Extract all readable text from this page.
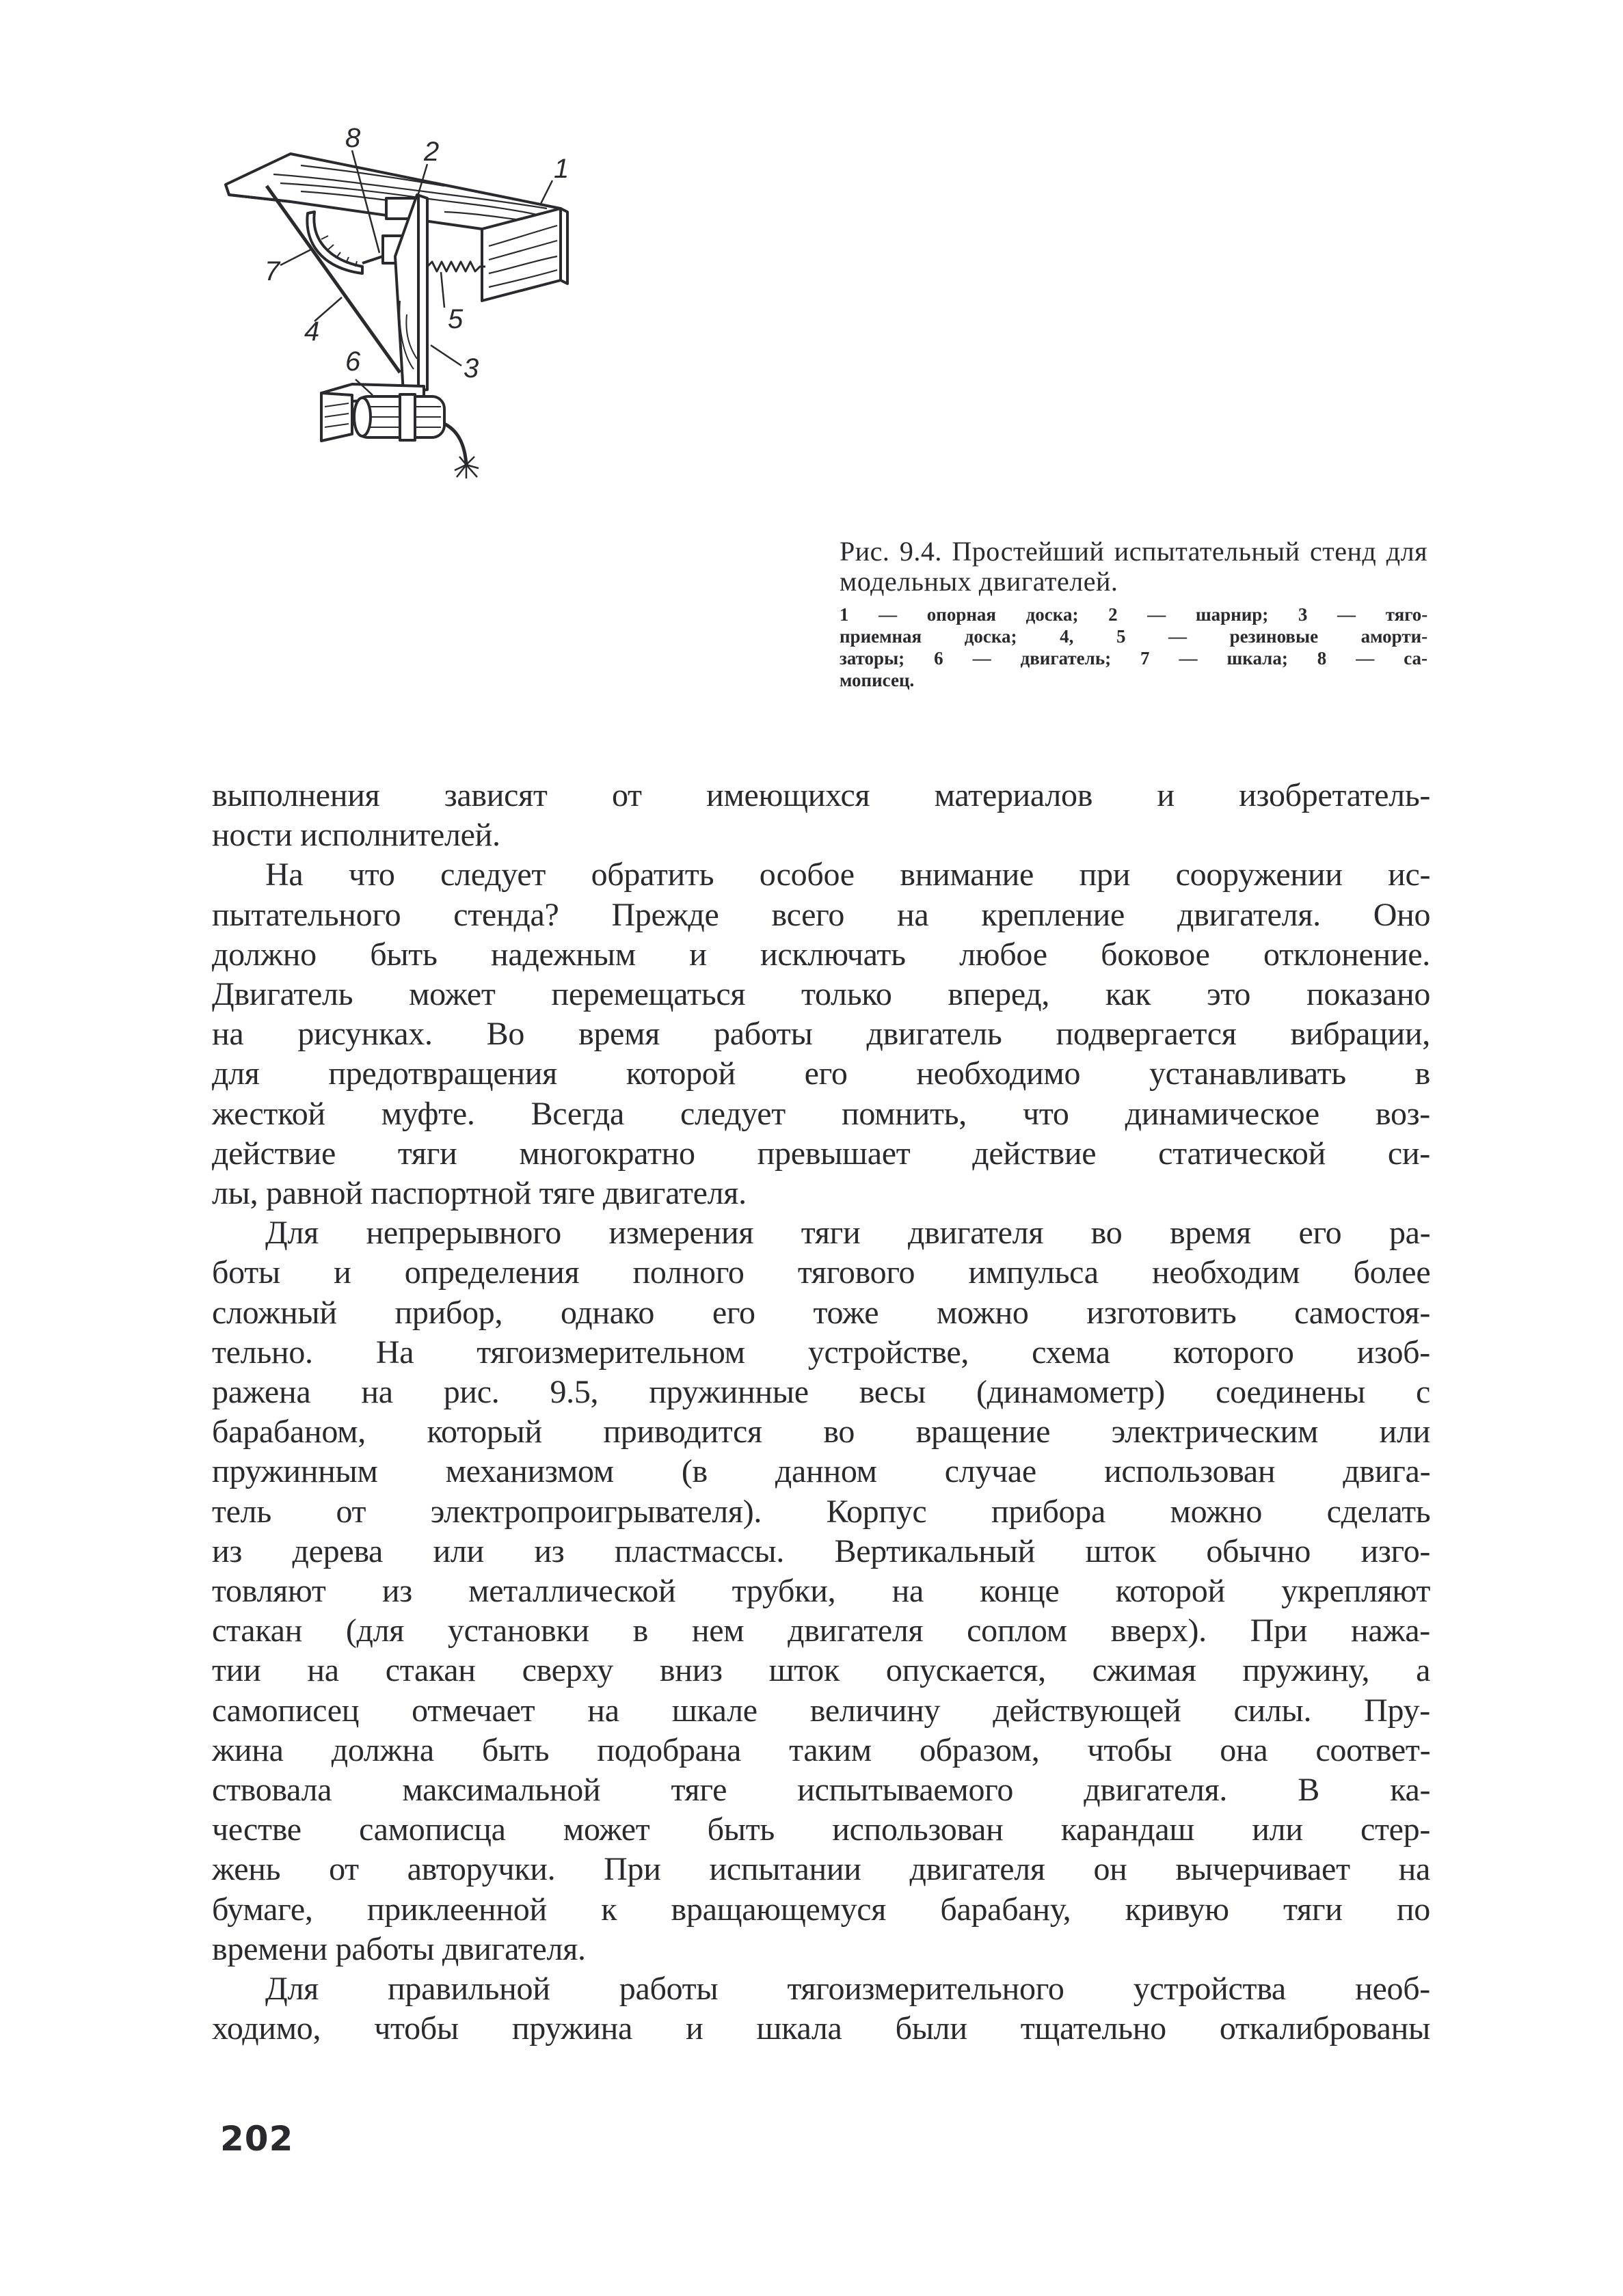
1
2
3
4	5
6
7
8
Рис. 9.4. Простейший испытательный стенд для модельных двигателей.
1 — опорная доска; 2 — шарнир; 3 — тяго-
приемная доска; 4, 5 — резиновые аморти-
заторы; 6 — двигатель; 7 — шкала; 8 — са-
мописец.

выполнения зависят от имеющихся материалов и изобретатель-
ности исполнителей.

На что следует обратить особое внимание при сооружении ис-
пытательного стенда? Прежде всего на крепление двигателя. Оно
должно быть надежным и исключать любое боковое отклонение.
Двигатель может перемещаться только вперед, как это показано
на рисунках. Во время работы двигатель подвергается вибрации,
для предотвращения которой его необходимо устанавливать в
жесткой муфте. Всегда следует помнить, что динамическое воз-
действие тяги многократно превышает действие статической си-
лы, равной паспортной тяге двигателя.

Для непрерывного измерения тяги двигателя во время его ра-
боты и определения полного тягового импульса необходим более
сложный прибор, однако его тоже можно изготовить самостоя-
тельно. На тягоизмерительном устройстве, схема которого изоб-
ражена на рис. 9.5, пружинные весы (динамометр) соединены с
барабаном, который приводится во вращение электрическим или
пружинным механизмом (в данном случае использован двига-
тель от электропроигрывателя). Корпус прибора можно сделать
из дерева или из пластмассы. Вертикальный шток обычно изго-
товляют из металлической трубки, на конце которой укрепляют
стакан (для установки в нем двигателя соплом вверх). При нажа-
тии на стакан сверху вниз шток опускается, сжимая пружину, а
самописец отмечает на шкале величину действующей силы. Пру-
жина должна быть подобрана таким образом, чтобы она соответ-
ствовала максимальной тяге испытываемого двигателя. В ка-
честве самописца может быть использован карандаш или стер-
жень от авторучки. При испытании двигателя он вычерчивает на
бумаге, приклеенной к вращающемуся барабану, кривую тяги по
времени работы двигателя.

Для правильной работы тягоизмерительного устройства необ-
ходимо, чтобы пружина и шкала были тщательно откалиброваны

202
